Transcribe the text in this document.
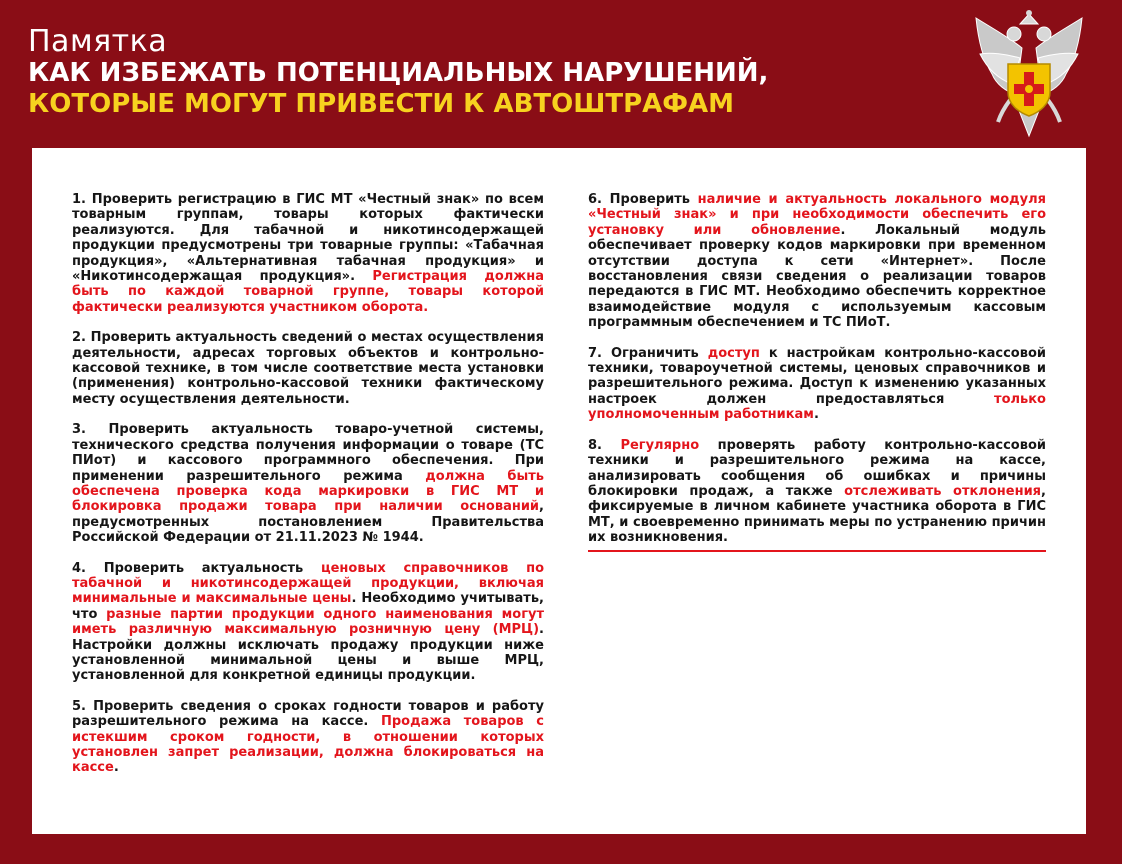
Памятка
КАК ИЗБЕЖАТЬ ПОТЕНЦИАЛЬНЫХ НАРУШЕНИЙ,
КОТОРЫЕ МОГУТ ПРИВЕСТИ К АВТОШТРАФАМ
1. Проверить регистрацию в ГИС МТ «Честный знак» по всем товарным группам, товары которых фактически реализуются. Для табачной и никотинсодержащей продукции предусмотрены три товарные группы: «Табачная продукция», «Альтернативная табачная продукция» и «Никотинсодержащая продукция». Регистрация должна быть по каждой товарной группе, товары которой фактически реализуются участником оборота.
2. Проверить актуальность сведений о местах осуществления деятельности, адресах торговых объектов и контрольно-кассовой технике, в том числе соответствие места установки (применения) контрольно-кассовой техники фактическому месту осуществления деятельности.
3. Проверить актуальность товаро-учетной системы, технического средства получения информации о товаре (ТС ПИот) и кассового программного обеспечения. При применении разрешительного режима должна быть обеспечена проверка кода маркировки в ГИС МТ и блокировка продажи товара при наличии оснований, предусмотренных постановлением Правительства Российской Федерации от 21.11.2023 № 1944.
4. Проверить актуальность ценовых справочников по табачной и никотинсодержащей продукции, включая минимальные и максимальные цены. Необходимо учитывать, что разные партии продукции одного наименования могут иметь различную максимальную розничную цену (МРЦ). Настройки должны исключать продажу продукции ниже установленной минимальной цены и выше МРЦ, установленной для конкретной единицы продукции.
5. Проверить сведения о сроках годности товаров и работу разрешительного режима на кассе. Продажа товаров с истекшим сроком годности, в отношении которых установлен запрет реализации, должна блокироваться на кассе.
6. Проверить наличие и актуальность локального модуля «Честный знак» и при необходимости обеспечить его установку или обновление. Локальный модуль обеспечивает проверку кодов маркировки при временном отсутствии доступа к сети «Интернет». После восстановления связи сведения о реализации товаров передаются в ГИС МТ. Необходимо обеспечить корректное взаимодействие модуля с используемым кассовым программным обеспечением и ТС ПИоТ.
7. Ограничить доступ к настройкам контрольно-кассовой техники, товароучетной системы, ценовых справочников и разрешительного режима. Доступ к изменению указанных настроек должен предоставляться только уполномоченным работникам.
8. Регулярно проверять работу контрольно-кассовой техники и разрешительного режима на кассе, анализировать сообщения об ошибках и причины блокировки продаж, а также отслеживать отклонения, фиксируемые в личном кабинете участника оборота в ГИС МТ, и своевременно принимать меры по устранению причин их возникновения.
